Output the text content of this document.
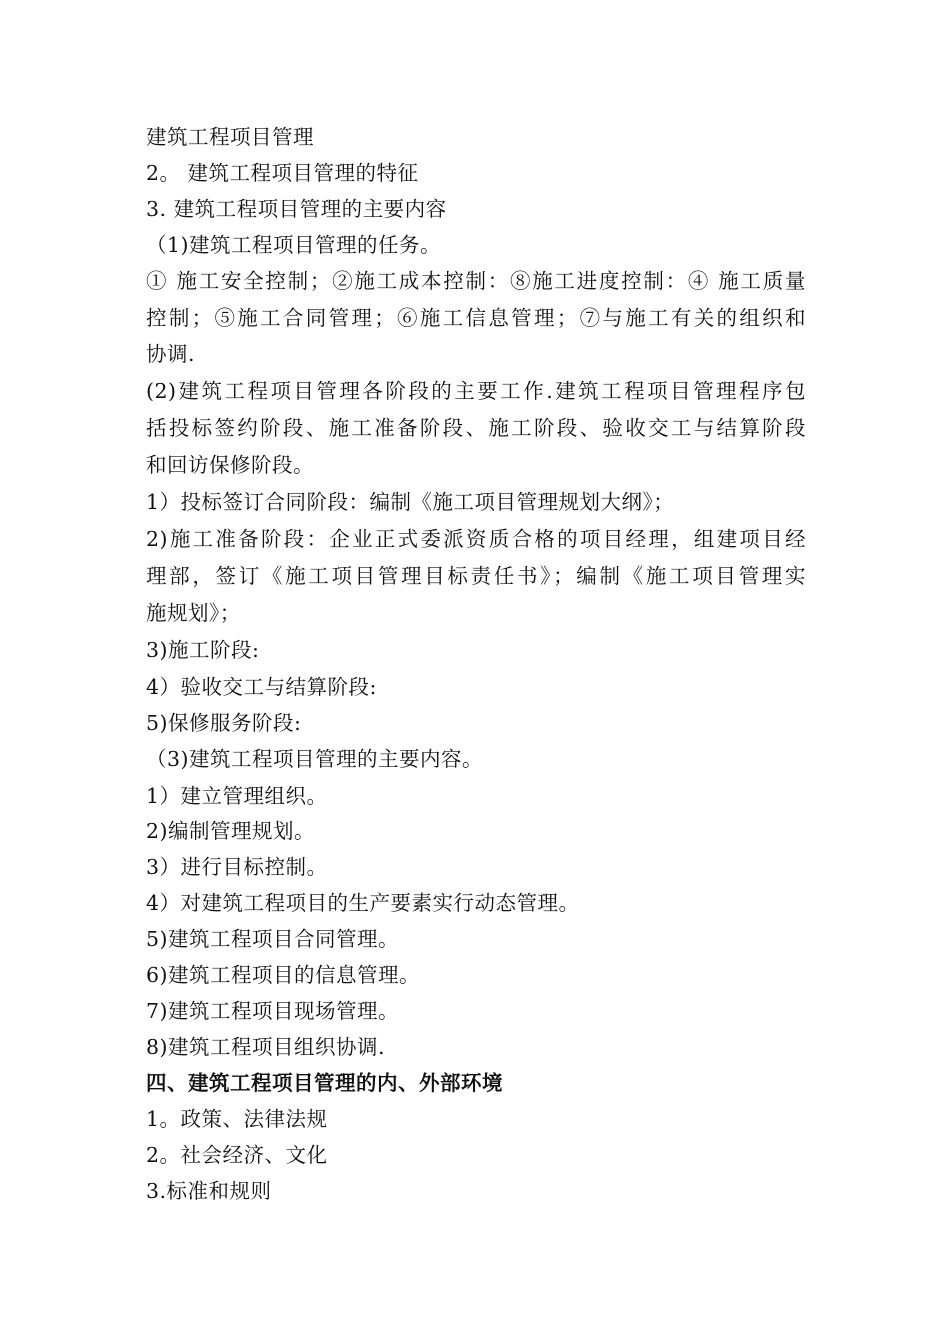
建筑工程项目管理
2。 建筑工程项目管理的特征
3. 建筑工程项目管理的主要内容
（1)建筑工程项目管理的任务。
① 施工安全控制；②施工成本控制：⑧施工进度控制：④ 施工质量
控制；⑤施工合同管理；⑥施工信息管理；⑦与施工有关的组织和
协调.
(2)建筑工程项目管理各阶段的主要工作.建筑工程项目管理程序包
括投标签约阶段、施工准备阶段、施工阶段、验收交工与结算阶段
和回访保修阶段。
1）投标签订合同阶段：编制《施工项目管理规划大纲》；
2)施工准备阶段：企业正式委派资质合格的项目经理，组建项目经
理部，签订《施工项目管理目标责任书》；编制《施工项目管理实
施规划》；
3)施工阶段:
4）验收交工与结算阶段:
5)保修服务阶段:
（3)建筑工程项目管理的主要内容。
1）建立管理组织。
2)编制管理规划。
3）进行目标控制。
4）对建筑工程项目的生产要素实行动态管理。
5)建筑工程项目合同管理。
6)建筑工程项目的信息管理。
7)建筑工程项目现场管理。
8)建筑工程项目组织协调.
四、建筑工程项目管理的内、外部环境
1。政策、法律法规
2。社会经济、文化
3.标准和规则
